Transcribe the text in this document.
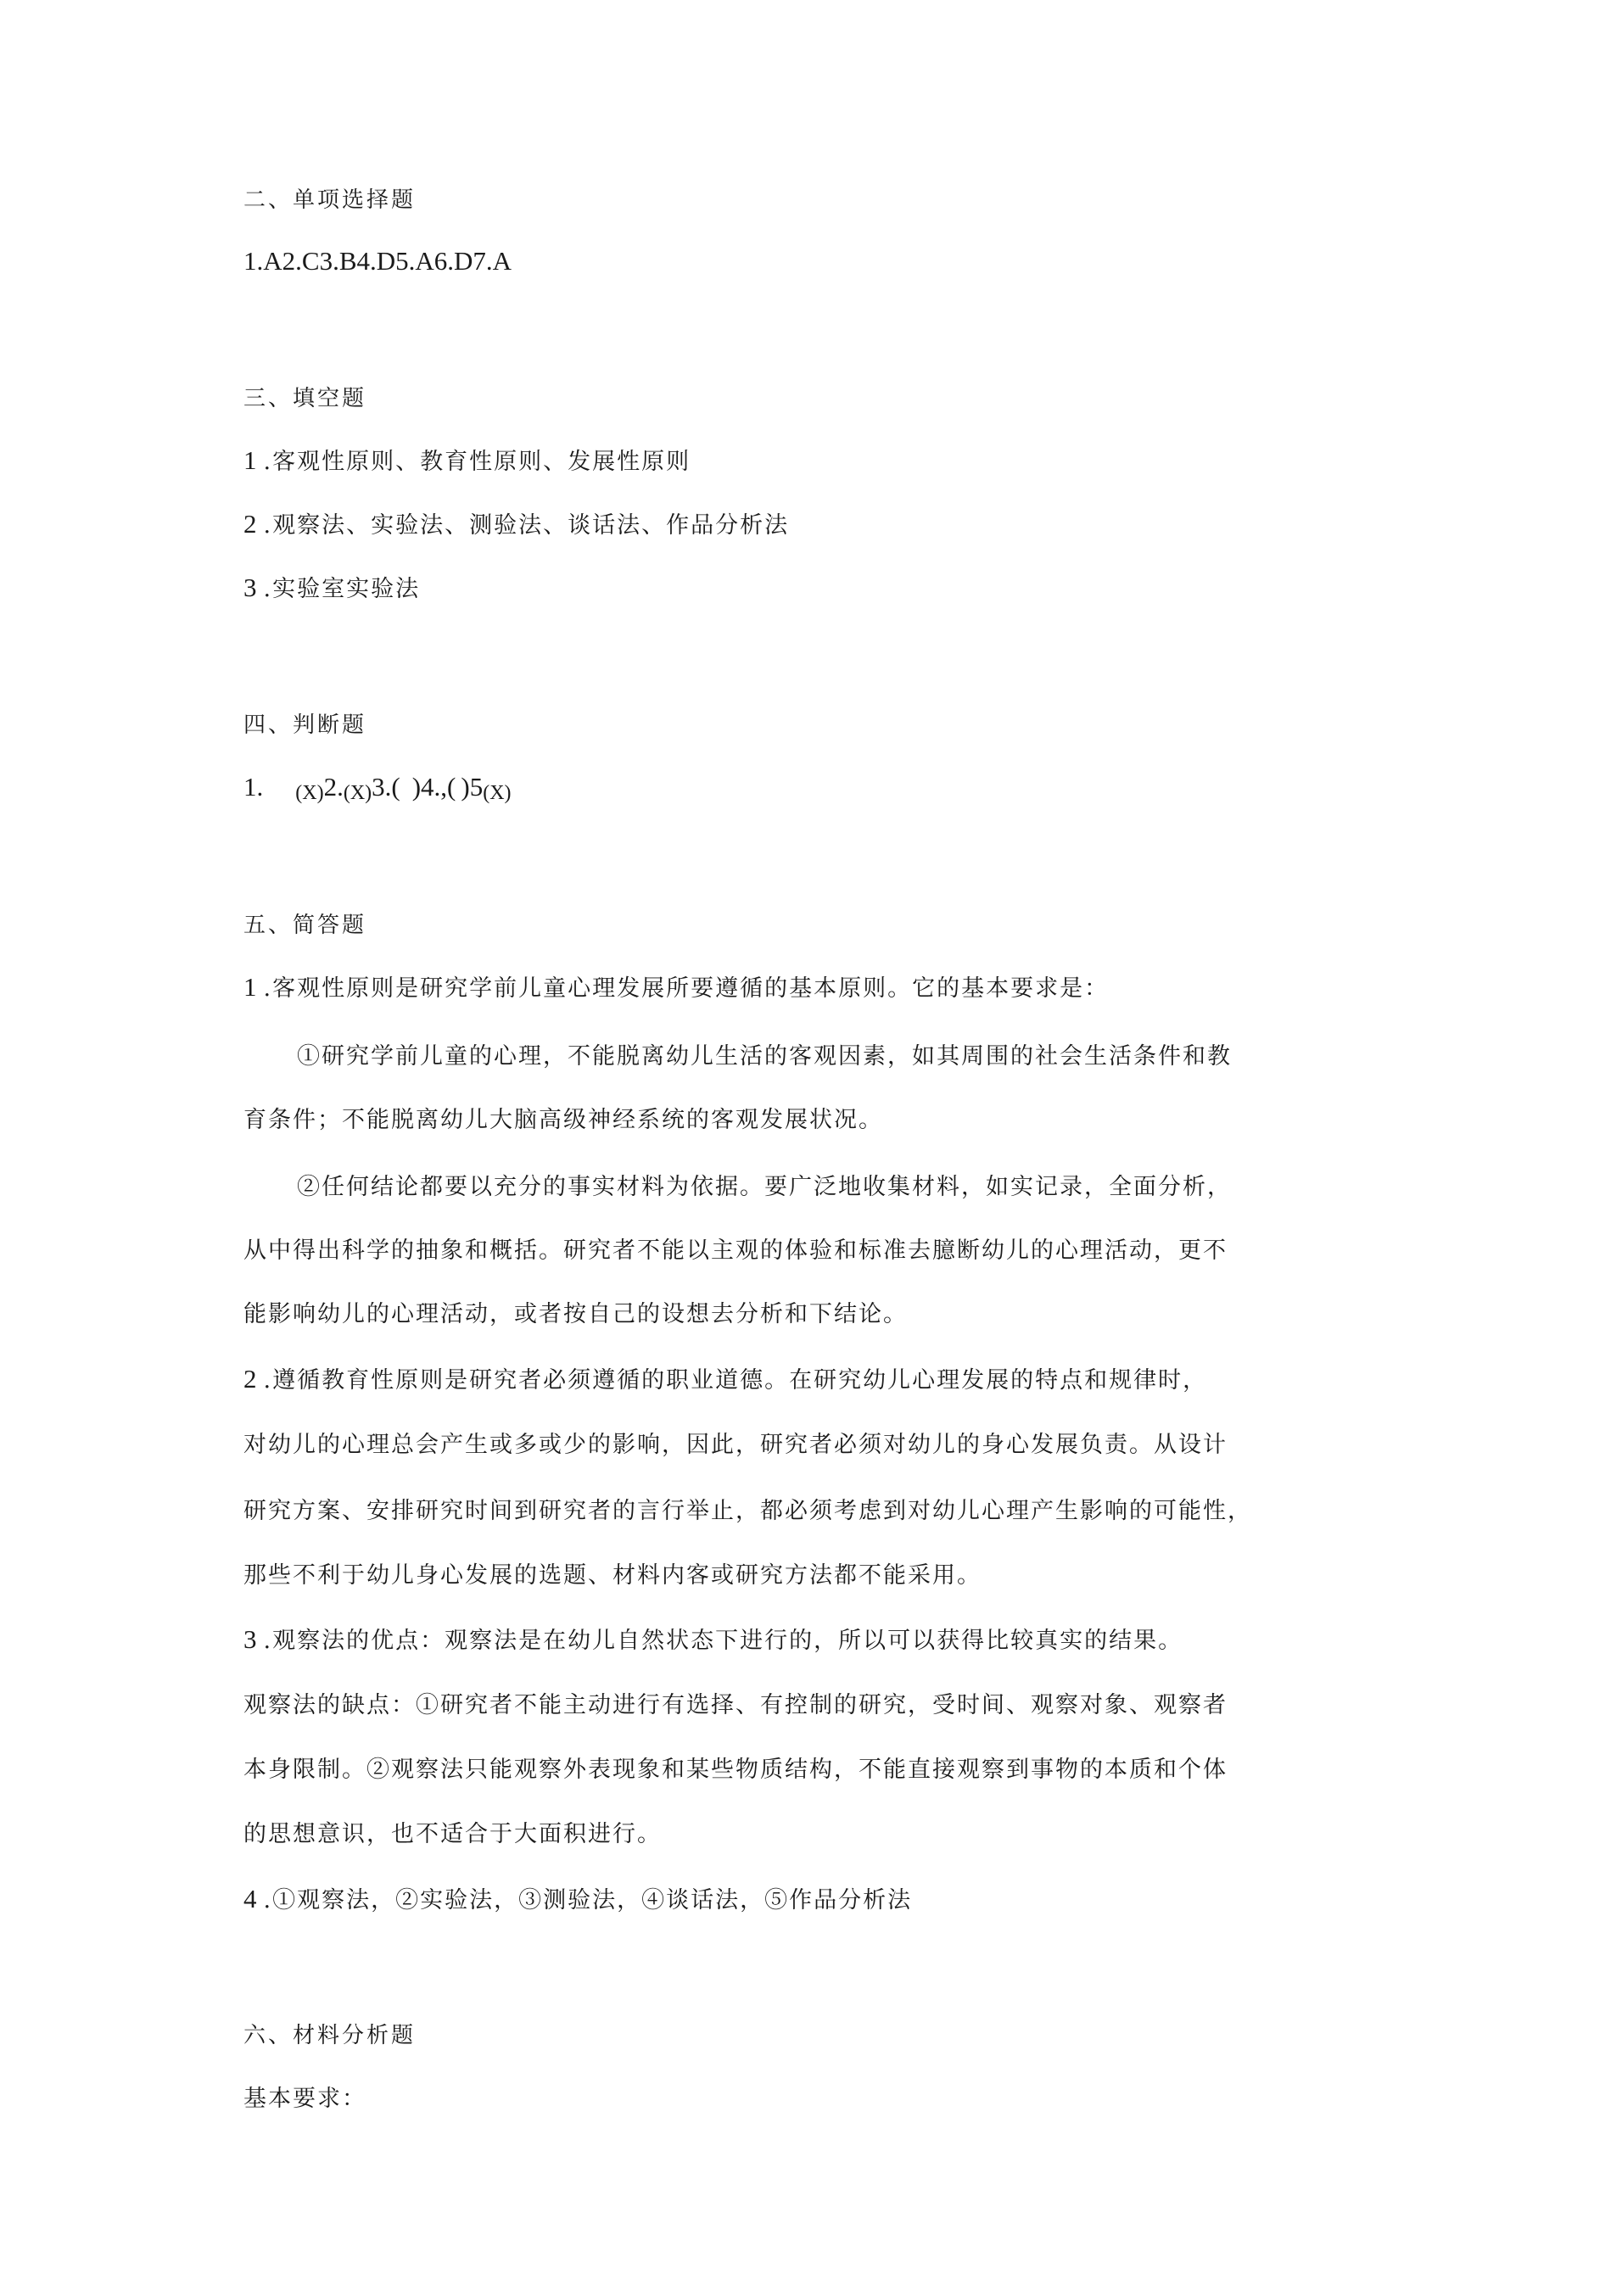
二、单项选择题
1.A2.C3.B4.D5.A6.D7.A
三、填空题
1 .客观性原则、教育性原则、发展性原则
2 .观察法、实验法、测验法、谈话法、作品分析法
3 .实验室实验法
四、判断题
1. (X)2.(X)3.( )4.,( )5(X)
五、简答题
1 .客观性原则是研究学前儿童心理发展所要遵循的基本原则。它的基本要求是：
①研究学前儿童的心理，不能脱离幼儿生活的客观因素，如其周围的社会生活条件和教
育条件；不能脱离幼儿大脑高级神经系统的客观发展状况。
②任何结论都要以充分的事实材料为依据。要广泛地收集材料，如实记录，全面分析，
从中得出科学的抽象和概括。研究者不能以主观的体验和标准去臆断幼儿的心理活动，更不
能影响幼儿的心理活动，或者按自己的设想去分析和下结论。
2 .遵循教育性原则是研究者必须遵循的职业道德。在研究幼儿心理发展的特点和规律时，
对幼儿的心理总会产生或多或少的影响，因此，研究者必须对幼儿的身心发展负责。从设计
研究方案、安排研究时间到研究者的言行举止，都必须考虑到对幼儿心理产生影响的可能性，
那些不利于幼儿身心发展的选题、材料内客或研究方法都不能采用。
3 .观察法的优点：观察法是在幼儿自然状态下进行的，所以可以获得比较真实的结果。
观察法的缺点：①研究者不能主动进行有选择、有控制的研究，受时间、观察对象、观察者
本身限制。②观察法只能观察外表现象和某些物质结构，不能直接观察到事物的本质和个体
的思想意识，也不适合于大面积进行。
4 .①观察法，②实验法，③测验法，④谈话法，⑤作品分析法
六、材料分析题
基本要求：
